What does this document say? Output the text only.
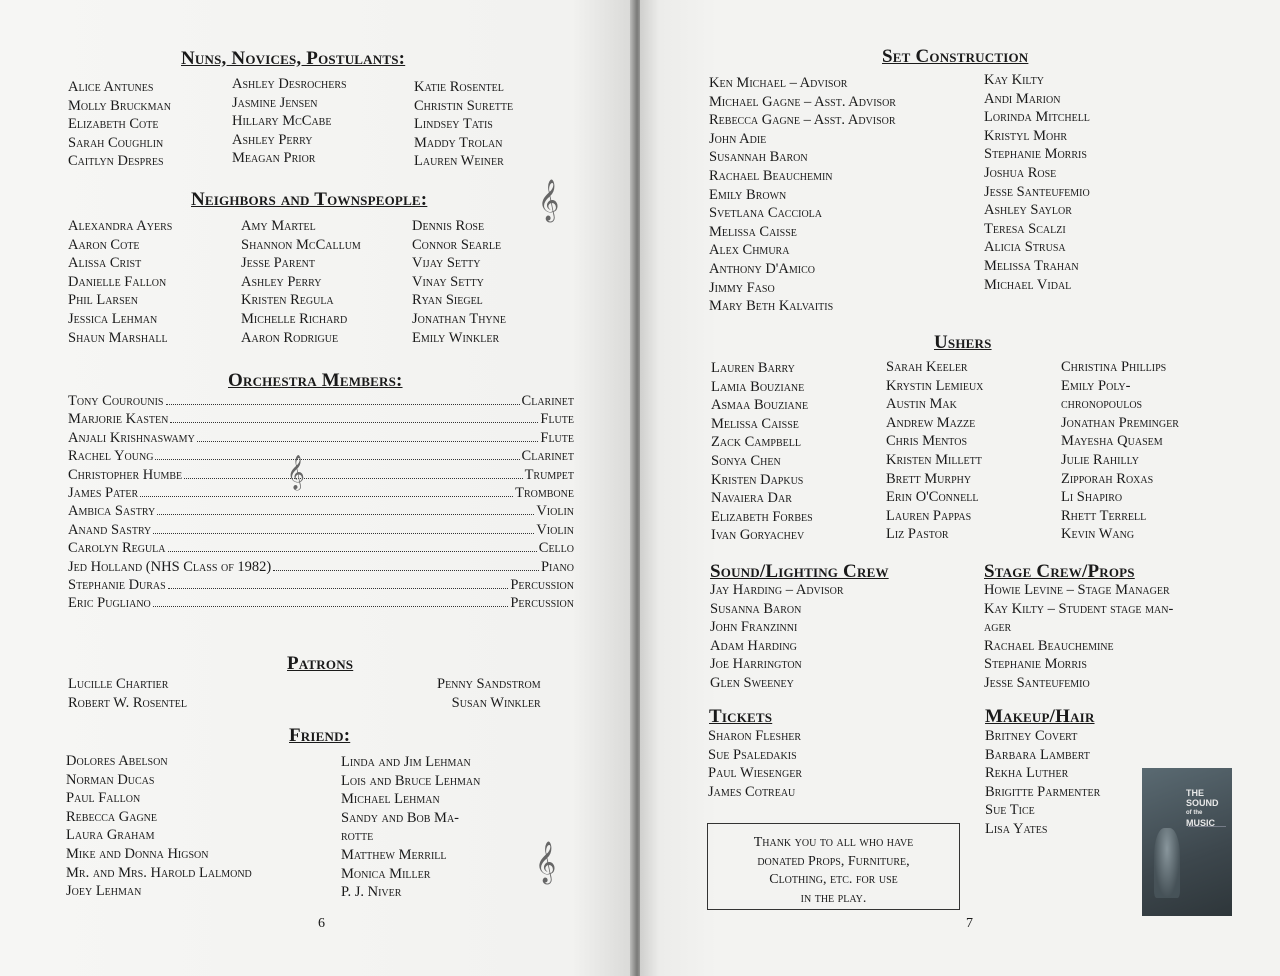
Nuns, Novices, Postulants:
Alice Antunes
Molly Bruckman
Elizabeth Cote
Sarah Coughlin
Caitlyn Despres
Ashley Desrochers
Jasmine Jensen
Hillary McCabe
Ashley Perry
Meagan Prior
Katie Rosentel
Christin Surette
Lindsey Tatis
Maddy Trolan
Lauren Weiner
Neighbors and Townspeople:	𝄞
Alexandra Ayers
Aaron Cote
Alissa Crist
Danielle Fallon
Phil Larsen
Jessica Lehman
Shaun Marshall
Amy Martel
Shannon McCallum
Jesse Parent
Ashley Perry
Kristen Regula
Michelle Richard
Aaron Rodrigue
Dennis Rose
Connor Searle
Vijay Setty
Vinay Setty
Ryan Siegel
Jonathan Thyne
Emily Winkler
Orchestra Members:
Tony Courounis	Clarinet
Marjorie Kasten	Flute
Anjali Krishnaswamy	Flute
Rachel Young	Clarinet
Christopher Humbe	Trumpet
James Pater	Trombone
Ambica Sastry	Violin
Anand Sastry	Violin
Carolyn Regula	Cello
Jed Holland (NHS Class of 1982)	Piano
Stephanie Duras	Percussion
Eric Pugliano	Percussion
𝄞
Patrons
Lucille Chartier
Robert W. Rosentel
Penny Sandstrom
Susan Winkler
Friend:
Dolores Abelson
Norman Ducas
Paul Fallon
Rebecca Gagne
Laura Graham
Mike and Donna Higson
Mr. and Mrs. Harold Lalmond
Joey Lehman
Linda and Jim Lehman
Lois and Bruce Lehman
Michael Lehman
Sandy and Bob Ma-
rotte
Matthew Merrill
Monica Miller
P. J. Niver
𝄞
6
Set Construction
Ken Michael – Advisor
Michael Gagne – Asst. Advisor
Rebecca Gagne – Asst. Advisor
John Adie
Susannah Baron
Rachael Beauchemin
Emily Brown
Svetlana Cacciola
Melissa Caisse
Alex Chmura
Anthony D'Amico
Jimmy Faso
Mary Beth Kalvaitis
Kay Kilty
Andi Marion
Lorinda Mitchell
Kristyl Mohr
Stephanie Morris
Joshua Rose
Jesse Santeufemio
Ashley Saylor
Teresa Scalzi
Alicia Strusa
Melissa Trahan
Michael Vidal
Ushers
Lauren Barry
Lamia Bouziane
Asmaa Bouziane
Melissa Caisse
Zack Campbell
Sonya Chen
Kristen Dapkus
Navaiera Dar
Elizabeth Forbes
Ivan Goryachev
Sarah Keeler
Krystin Lemieux
Austin Mak
Andrew Mazze
Chris Mentos
Kristen Millett
Brett Murphy
Erin O'Connell
Lauren Pappas
Liz Pastor
Christina Phillips
Emily Poly-
chronopoulos
Jonathan Preminger
Mayesha Quasem
Julie Rahilly
Zipporah Roxas
Li Shapiro
Rhett Terrell
Kevin Wang
Sound/Lighting Crew
Jay Harding – Advisor
Susanna Baron
John Franzinni
Adam Harding
Joe Harrington
Glen Sweeney
Stage Crew/Props
Howie Levine – Stage Manager
Kay Kilty – Student stage man-
ager
Rachael Beauchemine
Stephanie Morris
Jesse Santeufemio
Tickets
Sharon Flesher
Sue Psaledakis
Paul Wiesenger
James Cotreau
Makeup/Hair
Britney Covert
Barbara Lambert
Rekha Luther
Brigitte Parmenter
Sue Tice
Lisa Yates
Thank you to all who have
donated Props, Furniture,
Clothing, etc. for use
in the play.
7
THE
SOUND
of the
MUSIC
